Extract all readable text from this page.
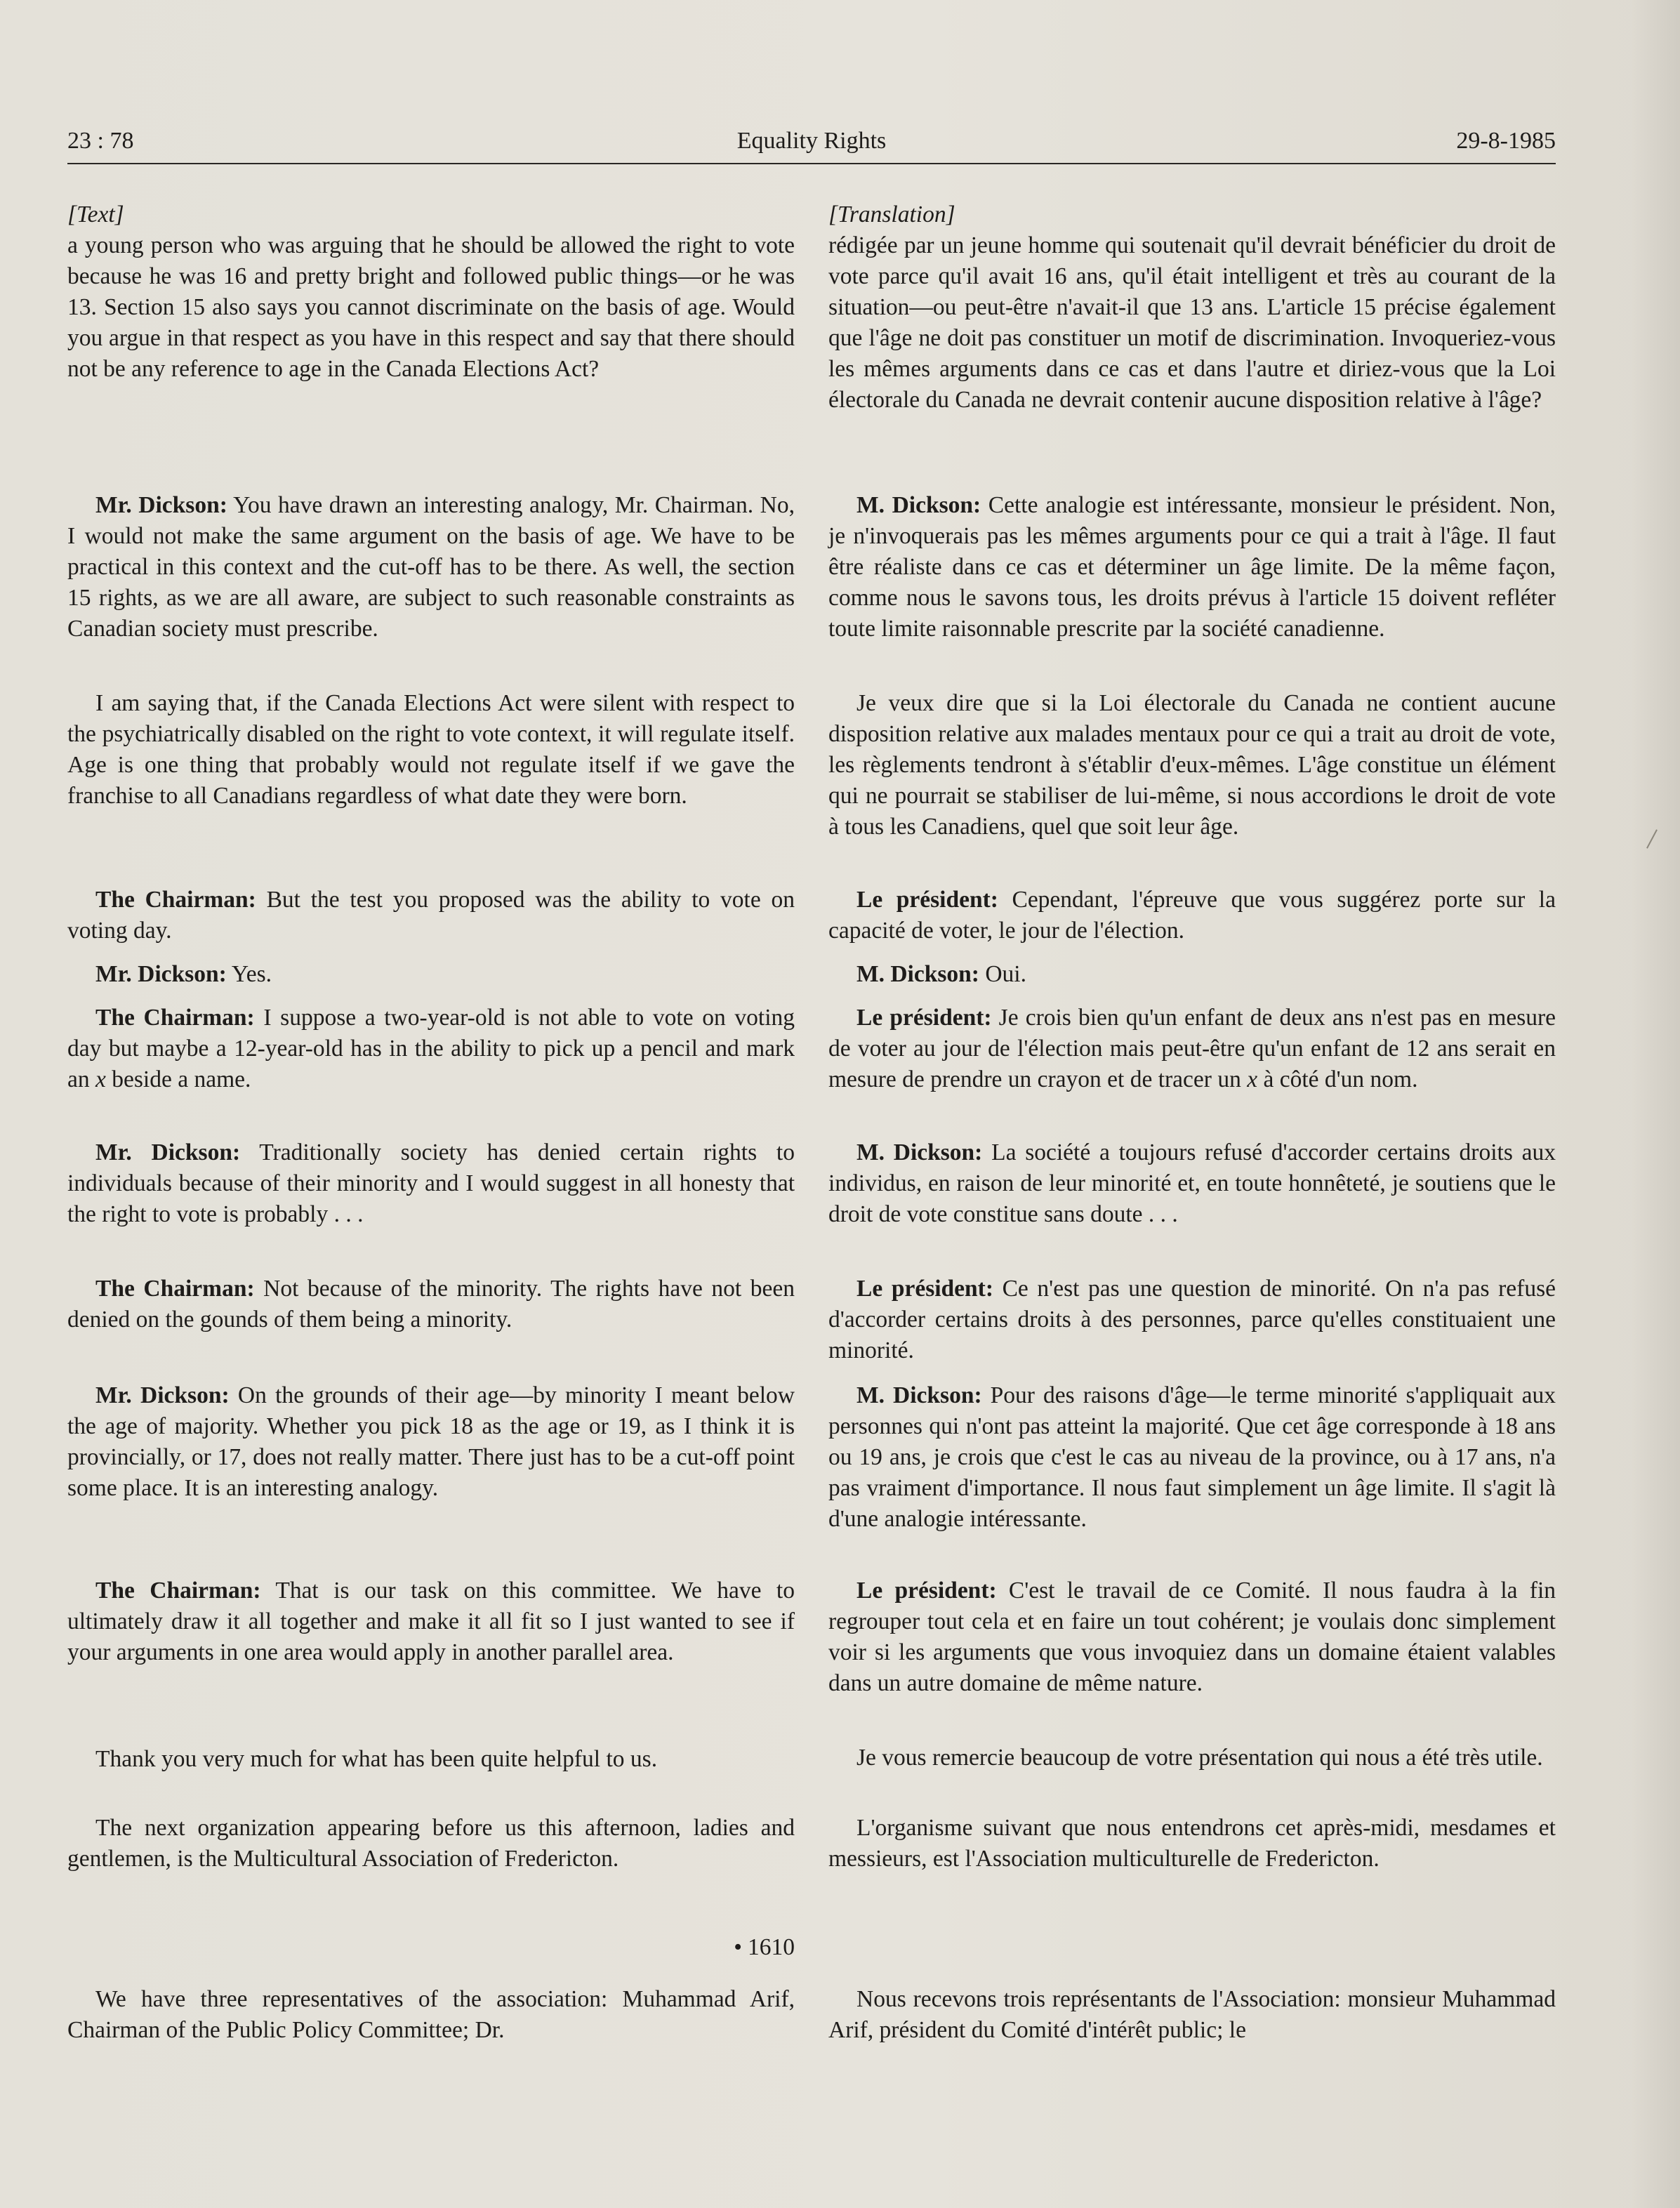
Equality Rights
23 : 78	29-8-1985

[Text]

a young person who was arguing that he should be allowed the right to vote because he was 16 and pretty bright and followed public things—or he was 13. Section 15 also says you cannot discriminate on the basis of age. Would you argue in that respect as you have in this respect and say that there should not be any reference to age in the Canada Elections Act?

Mr. Dickson: You have drawn an interesting analogy, Mr. Chairman. No, I would not make the same argument on the basis of age. We have to be practical in this context and the cut-off has to be there. As well, the section 15 rights, as we are all aware, are subject to such reasonable constraints as Canadian society must prescribe.

I am saying that, if the Canada Elections Act were silent with respect to the psychiatrically disabled on the right to vote context, it will regulate itself. Age is one thing that probably would not regulate itself if we gave the franchise to all Canadians regardless of what date they were born.

The Chairman: But the test you proposed was the ability to vote on voting day.

Mr. Dickson: Yes.

The Chairman: I suppose a two-year-old is not able to vote on voting day but maybe a 12-year-old has in the ability to pick up a pencil and mark an x beside a name.

Mr. Dickson: Traditionally society has denied certain rights to individuals because of their minority and I would suggest in all honesty that the right to vote is probably . . .

The Chairman: Not because of the minority. The rights have not been denied on the gounds of them being a minority.

Mr. Dickson: On the grounds of their age—by minority I meant below the age of majority. Whether you pick 18 as the age or 19, as I think it is provincially, or 17, does not really matter. There just has to be a cut-off point some place. It is an interesting analogy.

The Chairman: That is our task on this committee. We have to ultimately draw it all together and make it all fit so I just wanted to see if your arguments in one area would apply in another parallel area.

Thank you very much for what has been quite helpful to us.

The next organization appearing before us this afternoon, ladies and gentlemen, is the Multicultural Association of Fredericton.

• 1610

We have three representatives of the association: Muhammad Arif, Chairman of the Public Policy Committee; Dr.

[Translation]

rédigée par un jeune homme qui soutenait qu'il devrait bénéficier du droit de vote parce qu'il avait 16 ans, qu'il était intelligent et très au courant de la situation—ou peut-être n'avait-il que 13 ans. L'article 15 précise également que l'âge ne doit pas constituer un motif de discrimination. Invoqueriez-vous les mêmes arguments dans ce cas et dans l'autre et diriez-vous que la Loi électorale du Canada ne devrait contenir aucune disposition relative à l'âge?

M. Dickson: Cette analogie est intéressante, monsieur le président. Non, je n'invoquerais pas les mêmes arguments pour ce qui a trait à l'âge. Il faut être réaliste dans ce cas et déterminer un âge limite. De la même façon, comme nous le savons tous, les droits prévus à l'article 15 doivent refléter toute limite raisonnable prescrite par la société canadienne.

Je veux dire que si la Loi électorale du Canada ne contient aucune disposition relative aux malades mentaux pour ce qui a trait au droit de vote, les règlements tendront à s'établir d'eux-mêmes. L'âge constitue un élément qui ne pourrait se stabiliser de lui-même, si nous accordions le droit de vote à tous les Canadiens, quel que soit leur âge.

Le président: Cependant, l'épreuve que vous suggérez porte sur la capacité de voter, le jour de l'élection.

M. Dickson: Oui.

Le président: Je crois bien qu'un enfant de deux ans n'est pas en mesure de voter au jour de l'élection mais peut-être qu'un enfant de 12 ans serait en mesure de prendre un crayon et de tracer un x à côté d'un nom.

M. Dickson: La société a toujours refusé d'accorder certains droits aux individus, en raison de leur minorité et, en toute honnêteté, je soutiens que le droit de vote constitue sans doute . . .

Le président: Ce n'est pas une question de minorité. On n'a pas refusé d'accorder certains droits à des personnes, parce qu'elles constituaient une minorité.

M. Dickson: Pour des raisons d'âge—le terme minorité s'appliquait aux personnes qui n'ont pas atteint la majorité. Que cet âge corresponde à 18 ans ou 19 ans, je crois que c'est le cas au niveau de la province, ou à 17 ans, n'a pas vraiment d'importance. Il nous faut simplement un âge limite. Il s'agit là d'une analogie intéressante.

Le président: C'est le travail de ce Comité. Il nous faudra à la fin regrouper tout cela et en faire un tout cohérent; je voulais donc simplement voir si les arguments que vous invoquiez dans un domaine étaient valables dans un autre domaine de même nature.

Je vous remercie beaucoup de votre présentation qui nous a été très utile.

L'organisme suivant que nous entendrons cet après-midi, mesdames et messieurs, est l'Association multiculturelle de Fredericton.

Nous recevons trois représentants de l'Association: monsieur Muhammad Arif, président du Comité d'intérêt public; le
